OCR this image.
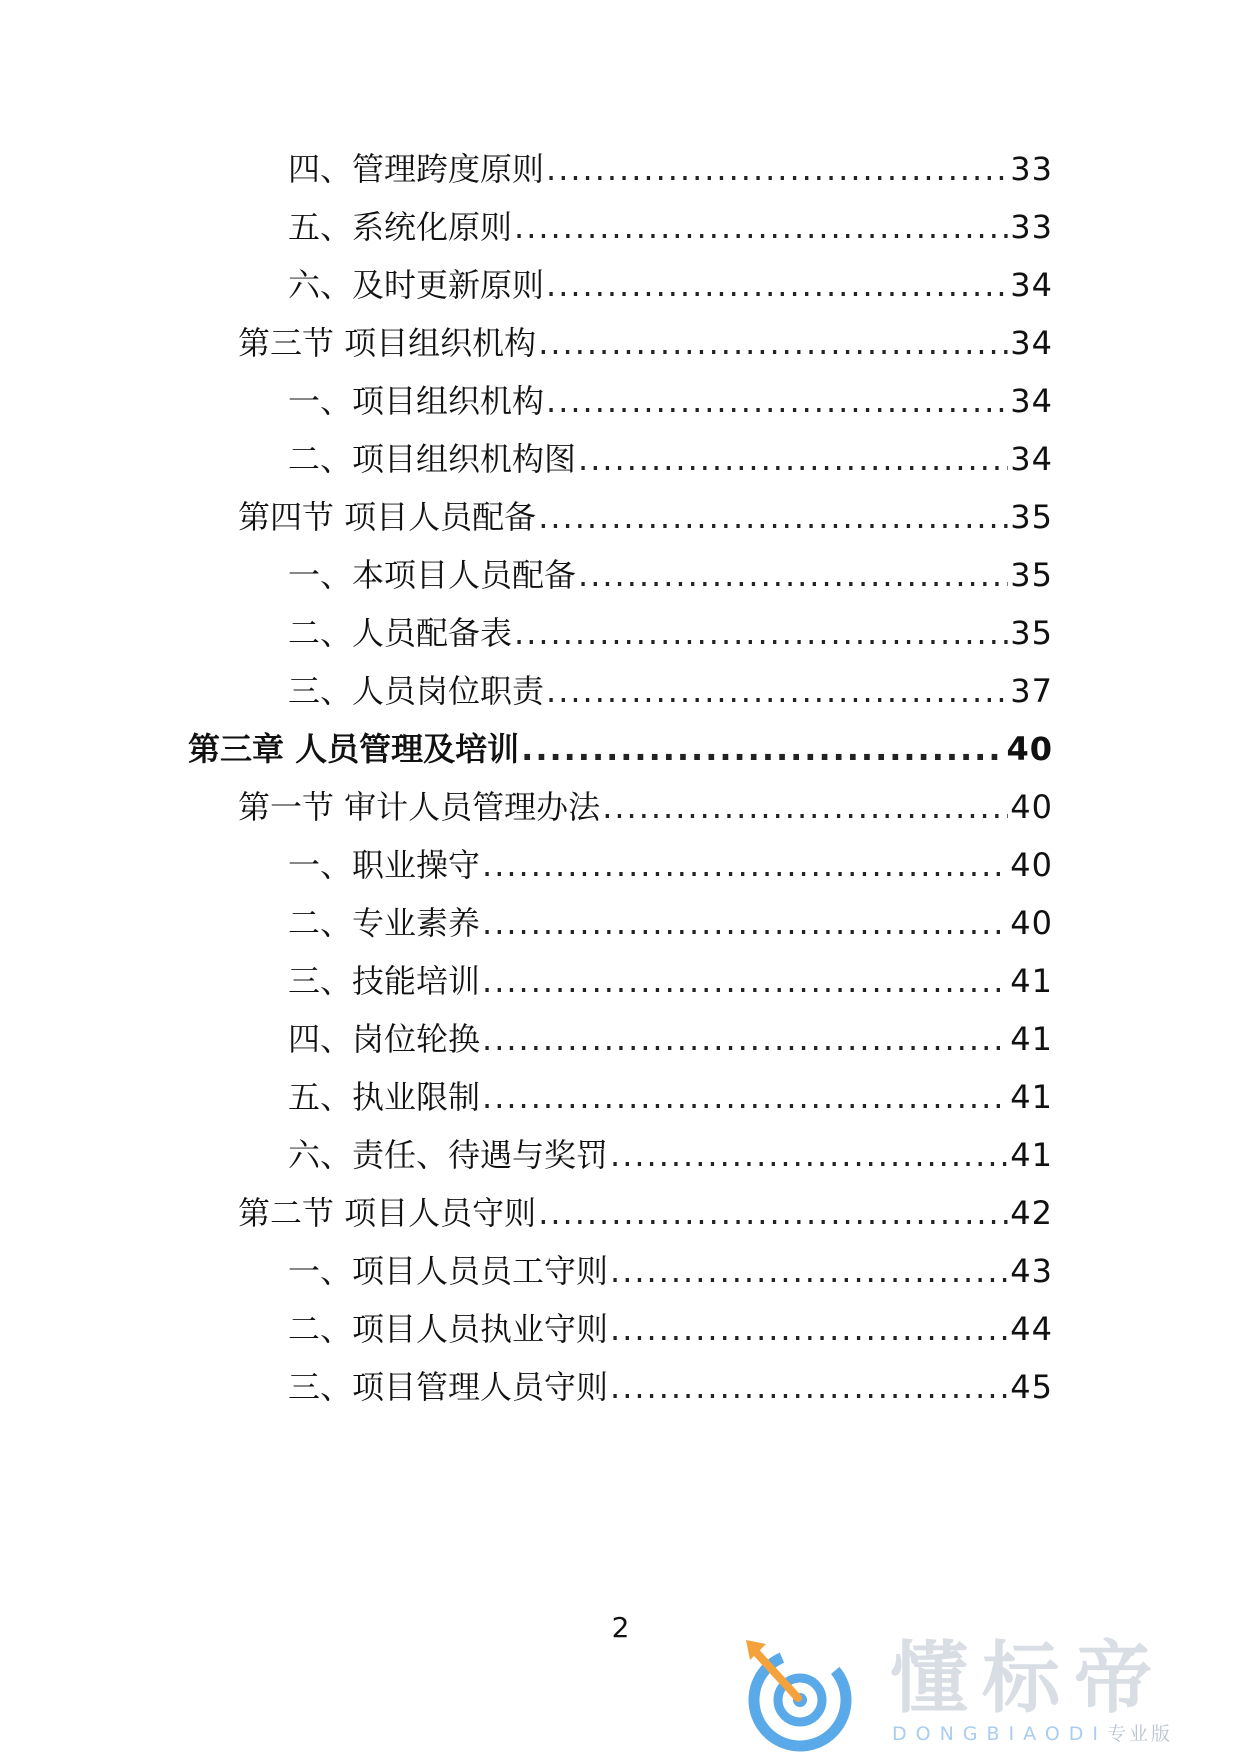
四、管理跨度原则 .....	33
五、系统化原则 .....	33
六、及时更新原则 .....	34
第三节 项目组织机构 .....	34
一、项目组织机构 .....	34
二、项目组织机构图 .....	34
第四节 项目人员配备 .....	35
一、本项目人员配备 .....	35
二、人员配备表 .....	35
三、人员岗位职责 .....	37
第三章 人员管理及培训 .....	40
第一节 审计人员管理办法 .....	40
一、职业操守 .....	40
二、专业素养 .....	40
三、技能培训 .....	41
四、岗位轮换 .....	41
五、执业限制 .....	41
六、责任、待遇与奖罚 .....	41
第二节 项目人员守则 .....	42
一、项目人员员工守则 .....	43
二、项目人员执业守则 .....	44
三、项目管理人员守则 .....	45
2
懂标帝
DONGBIAODI专业版
